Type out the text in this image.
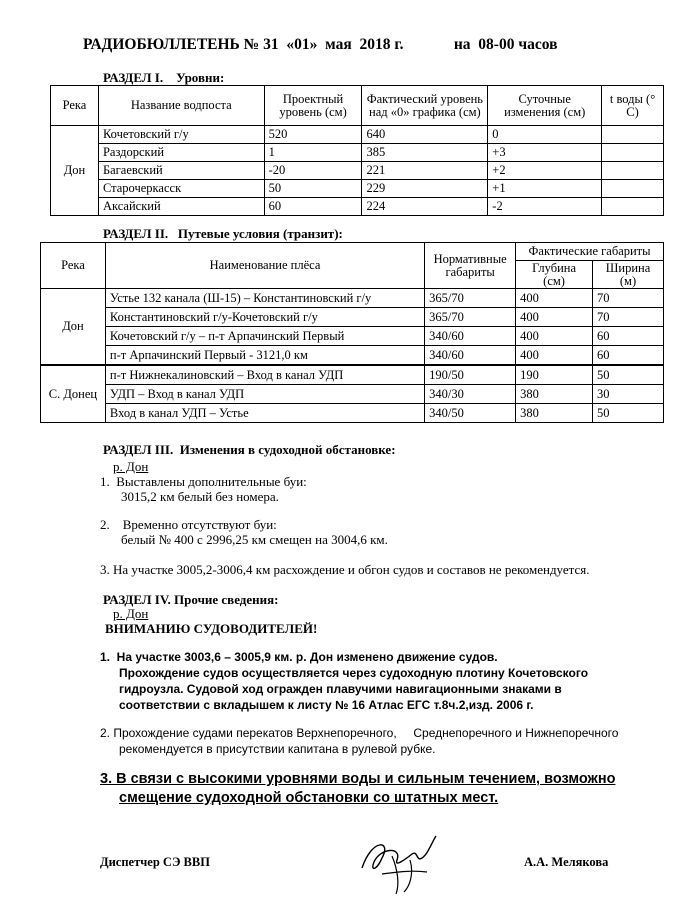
РАДИОБЮЛЛЕТЕНЬ № 31  «01»  мая  2018 г.             на  08-00 часов
РАЗДЕЛ I.    Уровни:
Река	Название водпоста	Проектный уровень (см)	Фактический уровень над «0» графика (см)	Суточные изменения (см)	t воды (° С)
Дон	Кочетовский г/у	520	640	0	
	Раздорский	1	385	+3	
	Багаевский	-20	221	+2	
	Старочеркасск	50	229	+1	
	Аксайский	60	224	-2	
РАЗДЕЛ II.   Путевые условия (транзит):
Река	Наименование плёса	Нормативные габариты	Фактические габариты	
			Глубина (см)	Ширина (м)
Дон	Устье 132 канала (Ш-15) – Константиновский г/у	365/70	400	70
	Константиновский г/у-Кочетовский г/у	365/70	400	70
	Кочетовский г/у – п-т Арпачинский Первый	340/60	400	60
	п-т Арпачинский Первый - 3121,0 км	340/60	400	60
С. Донец	п-т Нижнекалиновский – Вход в канал УДП	190/50	190	50
	УДП – Вход в канал УДП	340/30	380	30
	Вход в канал УДП – Устье	340/50	380	50
РАЗДЕЛ III.  Изменения в судоходной обстановке:
р. Дон
1.  Выставлены дополнительные буи:
3015,2 км белый без номера.
2.    Временно отсутствуют буи:
белый № 400 с 2996,25 км смещен на 3004,6 км.
3. На участке 3005,2-3006,4 км расхождение и обгон судов и составов не рекомендуется.
РАЗДЕЛ IV. Прочие сведения:
р. Дон
ВНИМАНИЮ СУДОВОДИТЕЛЕЙ!
1.  На участке 3003,6 – 3005,9 км. р. Дон изменено движение судов.
Прохождение судов осуществляется через судоходную плотину Кочетовского
гидроузла. Судовой ход огражден плавучими навигационными знаками в
соответствии с вкладышем к листу № 16 Атлас ЕГС т.8ч.2,изд. 2006 г.
2. Прохождение судами перекатов Верхнепоречного,     Среднепоречного и Нижнепоречного
рекомендуется в присутствии капитана в рулевой рубке.
3. В связи с высокими уровнями воды и сильным течением, возможно
смещение судоходной обстановки со штатных мест.
Диспетчер СЭ ВВП	А.А. Мелякова
